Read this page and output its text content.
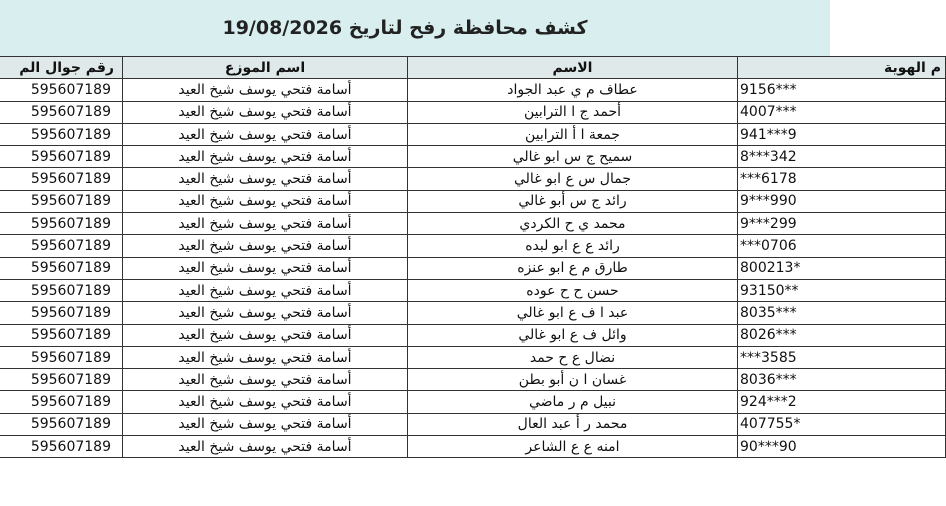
كشف محافظة رفح لتاريخ 19/08/2026
رقم جوال الم	اسم الموزع	الاسم	م الهوية
595607189	أسامة فتحي يوسف شيخ العيد	عطاف م ي عبد الجواد	9156***
595607189	أسامة فتحي يوسف شيخ العيد	أحمد ج ا الترابين	4007***
595607189	أسامة فتحي يوسف شيخ العيد	جمعة ا أ الترابين	941***9
595607189	أسامة فتحي يوسف شيخ العيد	سميح ج س ابو غالي	8***342
595607189	أسامة فتحي يوسف شيخ العيد	جمال س ع ابو غالي	***6178
595607189	أسامة فتحي يوسف شيخ العيد	رائد ج س أبو غالي	9***990
595607189	أسامة فتحي يوسف شيخ العيد	محمد ي ح الكردي	9***299
595607189	أسامة فتحي يوسف شيخ العيد	رائد ع ع ابو لبده	***0706
595607189	أسامة فتحي يوسف شيخ العيد	طارق م ع ابو عنزه	800213*
595607189	أسامة فتحي يوسف شيخ العيد	حسن ح ح عوده	93150**
595607189	أسامة فتحي يوسف شيخ العيد	عبد ا ف ع ابو غالي	8035***
595607189	أسامة فتحي يوسف شيخ العيد	وائل ف ع ابو غالي	8026***
595607189	أسامة فتحي يوسف شيخ العيد	نضال ع ح حمد	***3585
595607189	أسامة فتحي يوسف شيخ العيد	غسان ا ن أبو بطن	8036***
595607189	أسامة فتحي يوسف شيخ العيد	نبيل م ر ماضي	924***2
595607189	أسامة فتحي يوسف شيخ العيد	محمد ر أ عبد العال	407755*
595607189	أسامة فتحي يوسف شيخ العيد	امنه ع ع الشاعر	90***90
